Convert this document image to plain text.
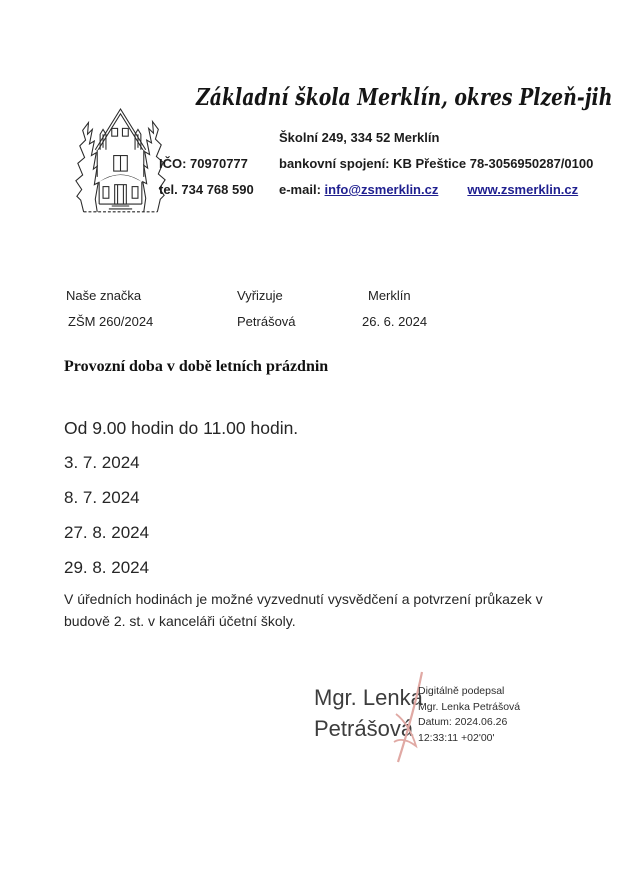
Základní škola Merklín, okres Plzeň-jih
Školní 249, 334 52 Merklín
IČO: 70970777 bankovní spojení: KB Přeštice 78-3056950287/0100
tel. 734 768 590 e-mail: info@zsmerklin.cz www.zsmerklin.cz
Naše značka	Vyřizuje	Merklín
ZŠM 260/2024	Petrášová	26. 6. 2024
Provozní doba v době letních prázdnin
Od 9.00 hodin do 11.00 hodin.
3. 7. 2024
8. 7. 2024
27. 8. 2024
29. 8. 2024
V úředních hodinách je možné vyzvednutí vysvědčení a potvrzení průkazek v budově 2. st. v kanceláři účetní školy.
Mgr. Lenka
Petrášová
Digitálně podepsal
Mgr. Lenka Petrášová
Datum: 2024.06.26
12:33:11 +02'00'
